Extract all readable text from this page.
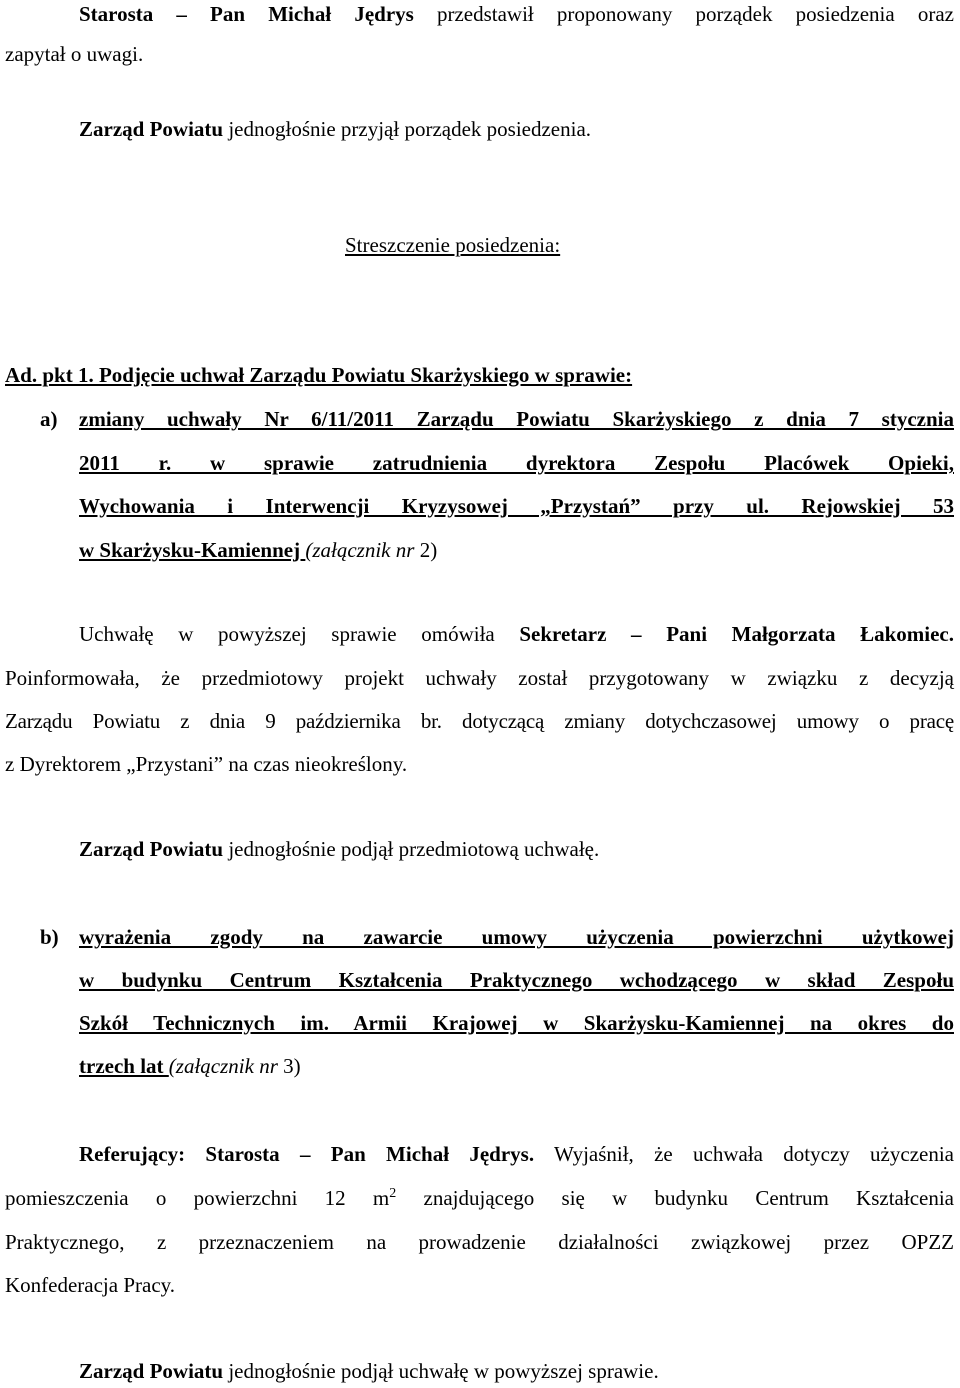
Starosta – Pan Michał Jędrys przedstawił proponowany porządek posiedzenia oraz
zapytał o uwagi.
Zarząd Powiatu jednogłośnie przyjął porządek posiedzenia.
Streszczenie posiedzenia:
Ad. pkt 1. Podjęcie uchwał Zarządu Powiatu Skarżyskiego w sprawie:
a) zmiany uchwały Nr 6/11/2011 Zarządu Powiatu Skarżyskiego z dnia 7 stycznia
2011 r. w sprawie zatrudnienia dyrektora Zespołu Placówek Opieki,
Wychowania i Interwencji Kryzysowej „Przystań” przy ul. Rejowskiej 53
w Skarżysku-Kamiennej (załącznik nr 2)
Uchwałę w powyższej sprawie omówiła Sekretarz – Pani Małgorzata Łakomiec.
Poinformowała, że przedmiotowy projekt uchwały został przygotowany w związku z decyzją
Zarządu Powiatu z dnia 9 października br. dotyczącą zmiany dotychczasowej umowy o pracę
z Dyrektorem „Przystani” na czas nieokreślony.
Zarząd Powiatu jednogłośnie podjął przedmiotową uchwałę.
b) wyrażenia zgody na zawarcie umowy użyczenia powierzchni użytkowej
w budynku Centrum Kształcenia Praktycznego wchodzącego w skład Zespołu
Szkół Technicznych im. Armii Krajowej w Skarżysku-Kamiennej na okres do
trzech lat (załącznik nr 3)
Referujący: Starosta – Pan Michał Jędrys. Wyjaśnił, że uchwała dotyczy użyczenia
pomieszczenia o powierzchni 12 $m^2$ znajdującego się w budynku Centrum Kształcenia
Praktycznego, z przeznaczeniem na prowadzenie działalności związkowej przez OPZZ
Konfederacja Pracy.
Zarząd Powiatu jednogłośnie podjął uchwałę w powyższej sprawie.
